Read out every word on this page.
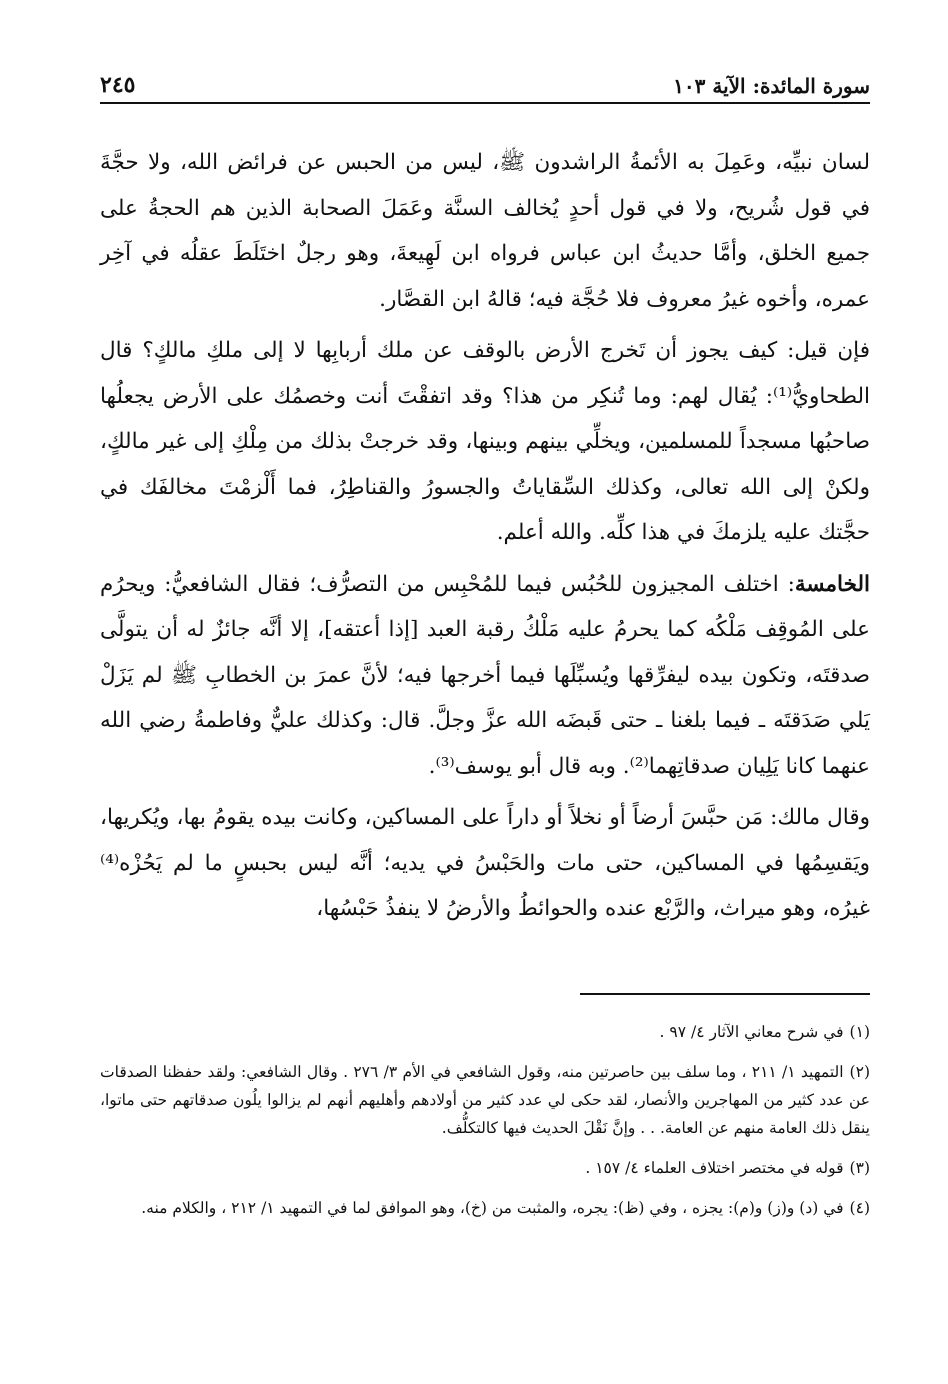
سورة المائدة: الآية ١٠٣
٢٤٥

لسان نبيِّه، وعَمِلَ به الأئمةُ الراشدون ﷺ، ليس من الحبس عن فرائض الله، ولا حجَّةَ في قول شُريح، ولا في قول أحدٍ يُخالف السنَّة وعَمَلَ الصحابة الذين هم الحجةُ على جميع الخلق، وأمَّا حديثُ ابن عباس فرواه ابن لَهِيعةَ، وهو رجلٌ اختَلَطَ عقلُه في آخِر عمره، وأخوه غيرُ معروف فلا حُجَّة فيه؛ قالهُ ابن القصَّار.

فإن قيل: كيف يجوز أن تَخرج الأرض بالوقف عن ملك أربابِها لا إلى ملكِ مالكٍ؟ قال الطحاويُّ⁽¹⁾: يُقال لهم: وما تُنكِر من هذا؟ وقد اتفقْتَ أنت وخصمُك على الأرض يجعلُها صاحبُها مسجداً للمسلمين، ويخلِّي بينهم وبينها، وقد خرجتْ بذلك من مِلْكِ إلى غير مالكٍ، ولكنْ إلى الله تعالى، وكذلك السِّقاياتُ والجسورُ والقناطِرُ، فما أَلْزمْتَ مخالفَك في حجَّتك عليه يلزمكَ في هذا كلِّه. والله أعلم.

الخامسة: اختلف المجيزون للحُبُس فيما للمُحْبِس من التصرُّف؛ فقال الشافعيُّ: ويحرُم على المُوقِف مَلْكُه كما يحرمُ عليه مَلْكُ رقبة العبد [إذا أعتقه]، إلا أنَّه جائزٌ له أن يتولَّى صدقتَه، وتكون بيده ليفرِّقها ويُسبِّلَها فيما أخرجها فيه؛ لأنَّ عمرَ بن الخطابِ ﷺ لم يَزَلْ يَلي صَدَقتَه ـ فيما بلغنا ـ حتى قَبضَه الله عزَّ وجلَّ. قال: وكذلك عليٌّ وفاطمةُ رضي الله عنهما كانا يَلِيان صدقاتِهما⁽²⁾. وبه قال أبو يوسف⁽³⁾.

وقال مالك: مَن حبَّسَ أرضاً أو نخلاً أو داراً على المساكين، وكانت بيده يقومُ بها، ويُكريها، ويَقسِمُها في المساكين، حتى مات والحَبْسُ في يديه؛ أنَّه ليس بحبسٍ ما لم يَحُزْه⁽⁴⁾ غيرُه، وهو ميراث، والرَّبْع عنده والحوائطُ والأرضُ لا ينفذُ حَبْسُها،

(١)في شرح معاني الآثار ٤/ ٩٧ .
(٢)التمهيد ١/ ٢١١ ، وما سلف بين حاصرتين منه، وقول الشافعي في الأم ٣/ ٢٧٦ . وقال الشافعي: ولقد حفظنا الصدقات عن عدد كثير من المهاجرين والأنصار، لقد حكى لي عدد كثير من أولادهم وأهليهم أنهم لم يزالوا يلُون صدقاتهم حتى ماتوا، ينقل ذلك العامة منهم عن العامة. . . وإنَّ نَقْلَ الحديث فيها كالتكلُّف.
(٣)قوله في مختصر اختلاف العلماء ٤/ ١٥٧ .
(٤)في (د) و(ز) و(م): يجزه ، وفي (ظ): يجره، والمثبت من (خ)، وهو الموافق لما في التمهيد ١/ ٢١٢ ، والكلام منه.
